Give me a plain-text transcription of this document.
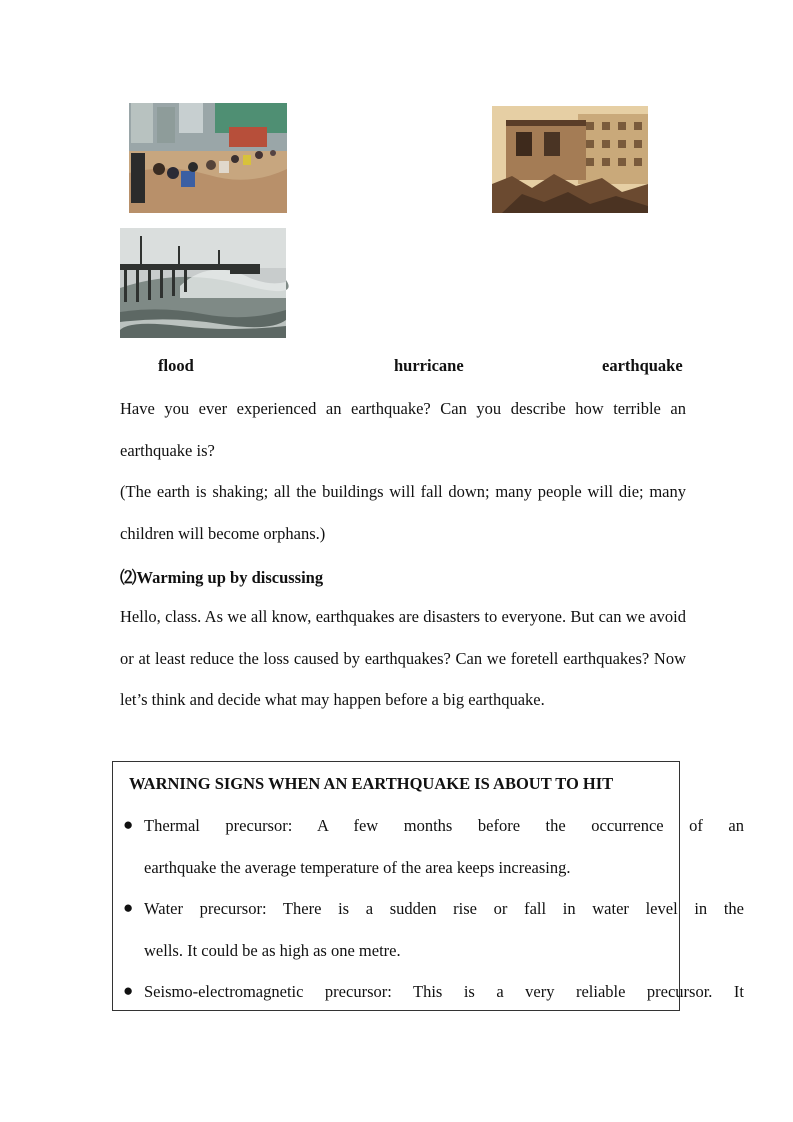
flood	hurricane	earthquake
Have you ever experienced an earthquake? Can you describe how terrible an earthquake is?
(The earth is shaking; all the buildings will fall down; many people will die; many children will become orphans.)
⑵Warming up by discussing
Hello, class. As we all know, earthquakes are disasters to everyone. But can we avoid or at least reduce the loss caused by earthquakes? Can we foretell earthquakes? Now let’s think and decide what may happen before a big earthquake.
WARNING SIGNS WHEN AN EARTHQUAKE IS ABOUT TO HIT
● Thermal precursor: A few months before the occurrence of an
earthquake the average temperature of the area keeps increasing.
● Water precursor: There is a sudden rise or fall in water level in the
wells. It could be as high as one metre.
● Seismo-electromagnetic precursor: This is a very reliable precursor. It
